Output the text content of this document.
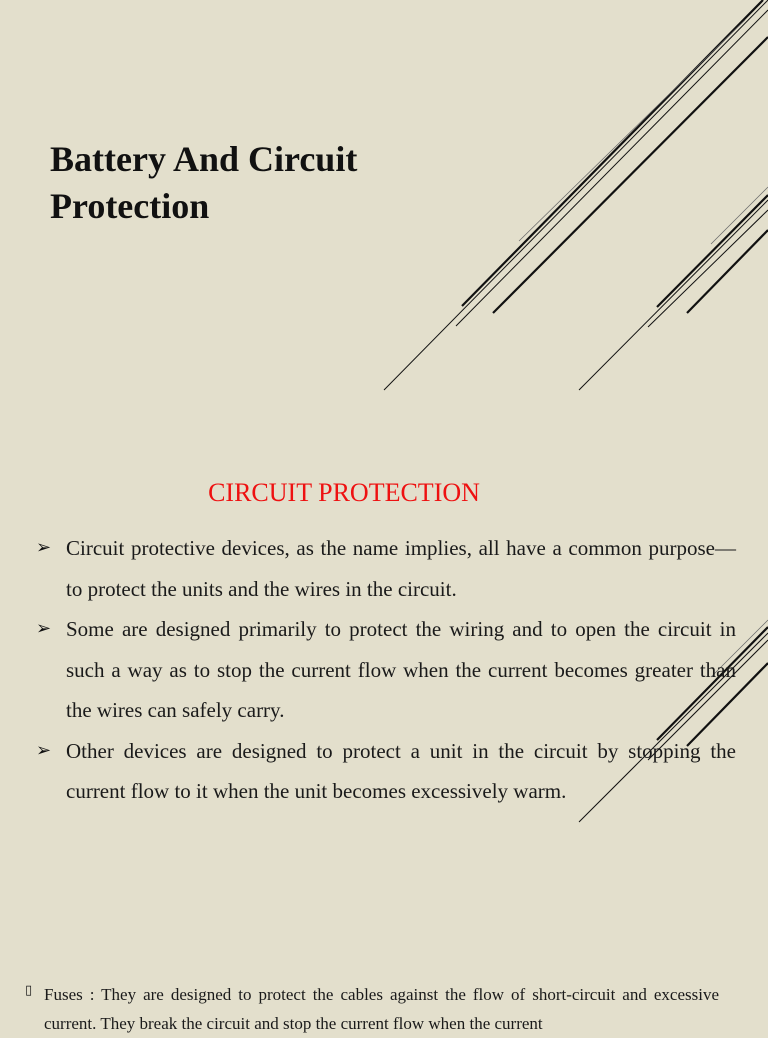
Battery And Circuit Protection
CIRCUIT PROTECTION
➢ Circuit protective devices, as the name implies, all have a common purpose—to protect the units and the wires in the circuit.
➢ Some are designed primarily to protect the wiring and to open the circuit in such a way as to stop the current flow when the current becomes greater than the wires can safely carry.
➢ Other devices are designed to protect a unit in the circuit by stopping the current flow to it when the unit becomes excessively warm.
▯ Fuses : They are designed to protect the cables against the flow of short-circuit and excessive current. They break the circuit and stop the current flow when the current
